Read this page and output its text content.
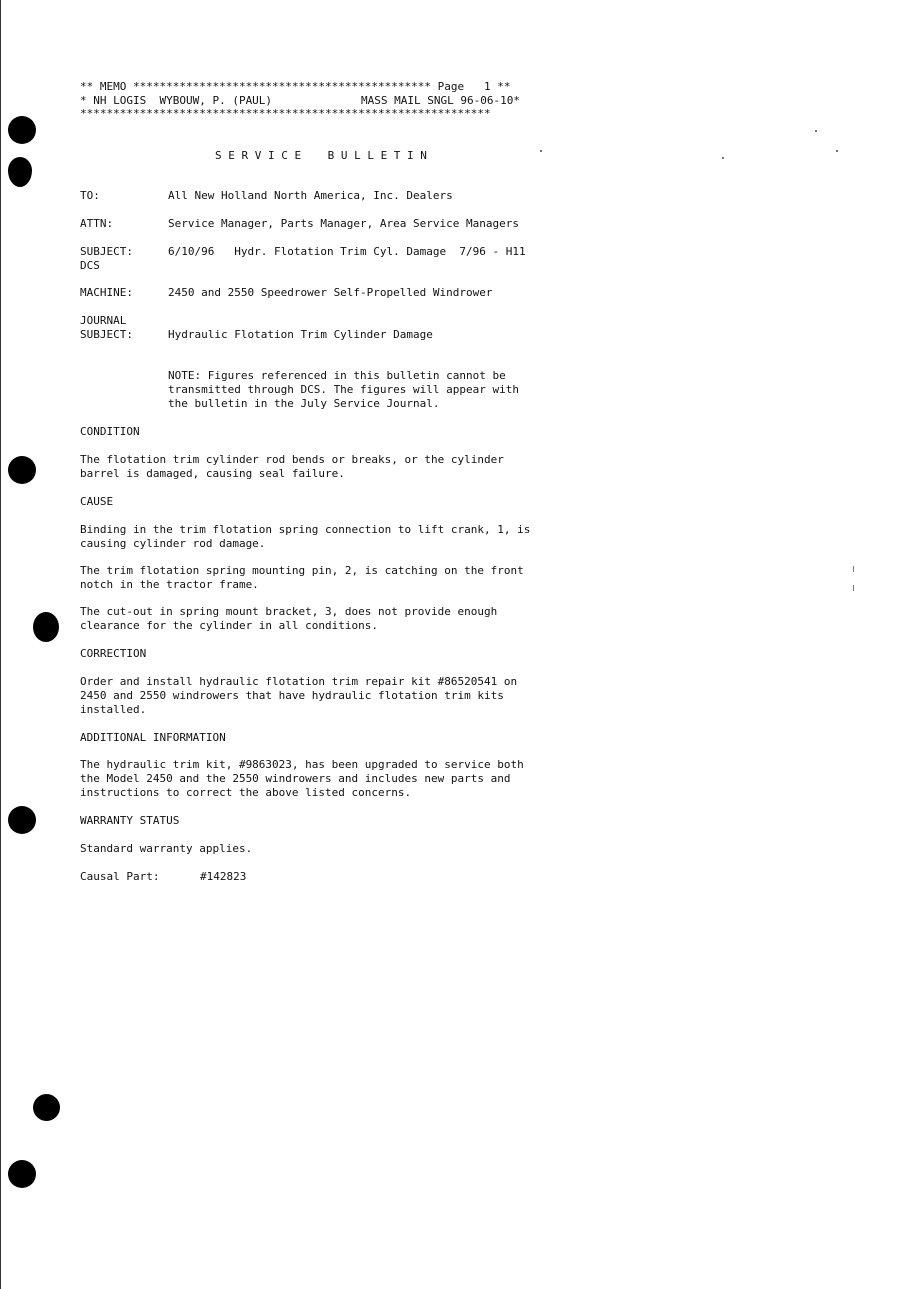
** MEMO ********************************************* Page   1 **
* NH LOGIS  WYBOUW, P. (PAUL)	MASS MAIL SNGL 96-06-10*
**************************************************************
S E R V I C E    B U L L E T I N
TO:	All New Holland North America, Inc. Dealers
ATTN:	Service Manager, Parts Manager, Area Service Managers
SUBJECT:	6/10/96   Hydr. Flotation Trim Cyl. Damage  7/96 - H11
DCS
MACHINE:	2450 and 2550 Speedrower Self-Propelled Windrower
JOURNAL
SUBJECT:	Hydraulic Flotation Trim Cylinder Damage
NOTE: Figures referenced in this bulletin cannot be
transmitted through DCS. The figures will appear with
the bulletin in the July Service Journal.
CONDITION
The flotation trim cylinder rod bends or breaks, or the cylinder
barrel is damaged, causing seal failure.
CAUSE
Binding in the trim flotation spring connection to lift crank, 1, is
causing cylinder rod damage.
The trim flotation spring mounting pin, 2, is catching on the front
notch in the tractor frame.
The cut-out in spring mount bracket, 3, does not provide enough
clearance for the cylinder in all conditions.
CORRECTION
Order and install hydraulic flotation trim repair kit #86520541 on
2450 and 2550 windrowers that have hydraulic flotation trim kits
installed.
ADDITIONAL INFORMATION
The hydraulic trim kit, #9863023, has been upgraded to service both
the Model 2450 and the 2550 windrowers and includes new parts and
instructions to correct the above listed concerns.
WARRANTY STATUS
Standard warranty applies.
Causal Part:	#142823
